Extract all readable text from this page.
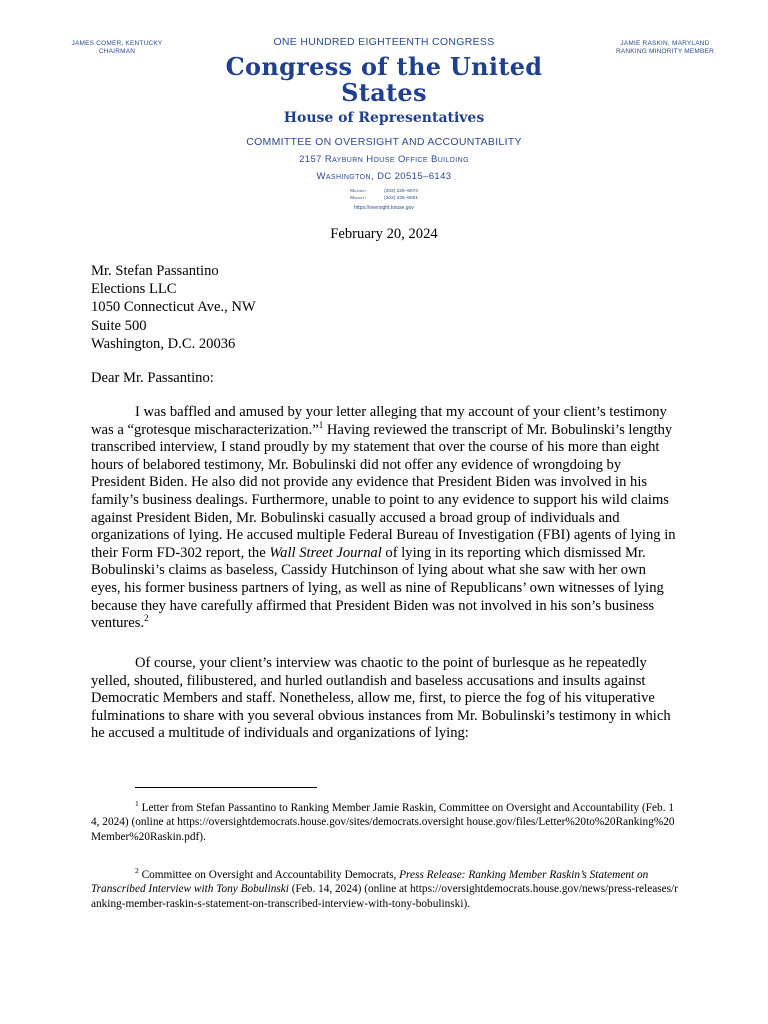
JAMES COMER, KENTUCKY
CHAIRMAN
ONE HUNDRED EIGHTEENTH CONGRESS
Congress of the United States
House of Representatives
COMMITTEE ON OVERSIGHT AND ACCOUNTABILITY
2157 Rayburn House Office Building
Washington, DC 20515–6143
Majority	(202) 225–5074
Minority	(202) 225–5051
https://oversight.house.gov
JAMIE RASKIN, MARYLAND
RANKING MINORITY MEMBER
February 20, 2024
Mr. Stefan Passantino
Elections LLC
1050 Connecticut Ave., NW
Suite 500
Washington, D.C. 20036
Dear Mr. Passantino:
I was baffled and amused by your letter alleging that my account of your client’s testimony was a “grotesque mischaracterization.”$^1$ Having reviewed the transcript of Mr. Bobulinski’s lengthy transcribed interview, I stand proudly by my statement that over the course of his more than eight hours of belabored testimony, Mr. Bobulinski did not offer any evidence of wrongdoing by President Biden. He also did not provide any evidence that President Biden was involved in his family’s business dealings. Furthermore, unable to point to any evidence to support his wild claims against President Biden, Mr. Bobulinski casually accused a broad group of individuals and organizations of lying. He accused multiple Federal Bureau of Investigation (FBI) agents of lying in their Form FD-302 report, the Wall Street Journal of lying in its reporting which dismissed Mr. Bobulinski’s claims as baseless, Cassidy Hutchinson of lying about what she saw with her own eyes, his former business partners of lying, as well as nine of Republicans’ own witnesses of lying because they have carefully affirmed that President Biden was not involved in his son’s business ventures.$^2$
Of course, your client’s interview was chaotic to the point of burlesque as he repeatedly yelled, shouted, filibustered, and hurled outlandish and baseless accusations and insults against Democratic Members and staff. Nonetheless, allow me, first, to pierce the fog of his vituperative fulminations to share with you several obvious instances from Mr. Bobulinski’s testimony in which he accused a multitude of individuals and organizations of lying:
$^1$ Letter from Stefan Passantino to Ranking Member Jamie Raskin, Committee on Oversight and Accountability (Feb. 14, 2024) (online at https://oversightdemocrats.house.gov/sites/democrats.oversight house.gov/files/Letter%20to%20Ranking%20Member%20Raskin.pdf).
$^2$ Committee on Oversight and Accountability Democrats, Press Release: Ranking Member Raskin’s Statement on Transcribed Interview with Tony Bobulinski (Feb. 14, 2024) (online at https://oversightdemocrats.house.gov/news/press-releases/ranking-member-raskin-s-statement-on-transcribed-interview-with-tony-bobulinski).
